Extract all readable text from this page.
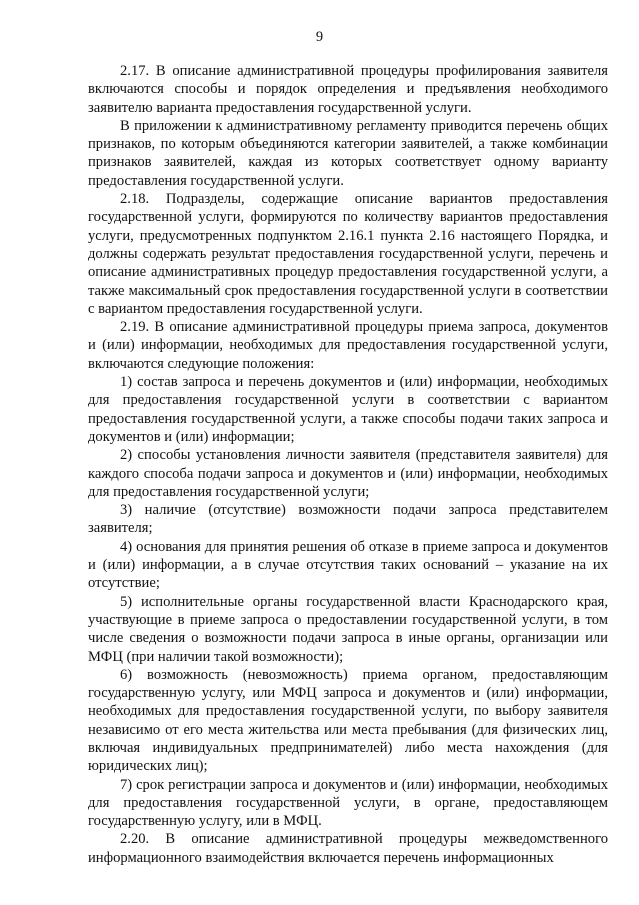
9

2.17. В описание административной процедуры профилирования заявителя включаются способы и порядок определения и предъявления необходимого заявителю варианта предоставления государственной услуги.

В приложении к административному регламенту приводится перечень общих признаков, по которым объединяются категории заявителей, а также комбинации признаков заявителей, каждая из которых соответствует одному варианту предоставления государственной услуги.

2.18. Подразделы, содержащие описание вариантов предоставления государственной услуги, формируются по количеству вариантов предоставления услуги, предусмотренных подпунктом 2.16.1 пункта 2.16 настоящего Порядка, и должны содержать результат предоставления государственной услуги, перечень и описание административных процедур предоставления государственной услуги, а также максимальный срок предоставления государственной услуги в соответствии с вариантом предоставления государственной услуги.

2.19. В описание административной процедуры приема запроса, документов и (или) информации, необходимых для предоставления государственной услуги, включаются следующие положения:

1) состав запроса и перечень документов и (или) информации, необходимых для предоставления государственной услуги в соответствии с вариантом предоставления государственной услуги, а также способы подачи таких запроса и документов и (или) информации;

2) способы установления личности заявителя (представителя заявителя) для каждого способа подачи запроса и документов и (или) информации, необходимых для предоставления государственной услуги;

3) наличие (отсутствие) возможности подачи запроса представителем заявителя;

4) основания для принятия решения об отказе в приеме запроса и документов и (или) информации, а в случае отсутствия таких оснований – указание на их отсутствие;

5) исполнительные органы государственной власти Краснодарского края, участвующие в приеме запроса о предоставлении государственной услуги, в том числе сведения о возможности подачи запроса в иные органы, организации или МФЦ (при наличии такой возможности);

6) возможность (невозможность) приема органом, предоставляющим государственную услугу, или МФЦ запроса и документов и (или) информации, необходимых для предоставления государственной услуги, по выбору заявителя независимо от его места жительства или места пребывания (для физических лиц, включая индивидуальных предпринимателей) либо места нахождения (для юридических лиц);

7) срок регистрации запроса и документов и (или) информации, необходимых для предоставления государственной услуги, в органе, предоставляющем государственную услугу, или в МФЦ.

2.20. В описание административной процедуры межведомственного информационного взаимодействия включается перечень информационных
